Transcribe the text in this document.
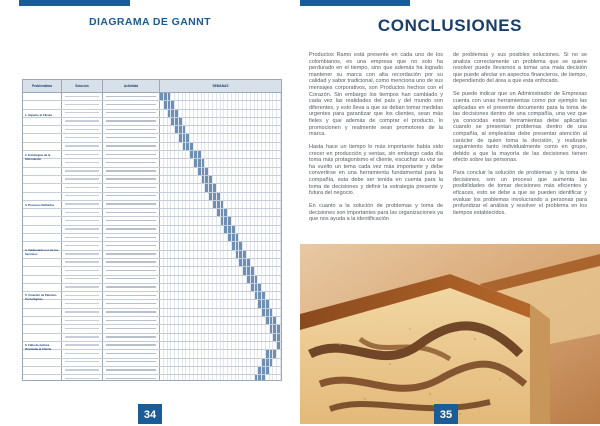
DIAGRAMA DE GANNT
Problemática	Solución	Actividad	SEMANAS
1. Impacto al Cliente
2. Estrategias de la Información
3. Procesos Definidos
4. Inadecuado uso de los Servicios
5. Creación de Patentes Tecnológicas
6. Falta de Cultura Orientada al Cliente
34
CONCLUSIONES

Productos Ramo está presente en cada uno de los colombianos, es una empresa que no solo ha perdurado en el tiempo, sino que además ha logrado mantener su marca con alta recordación por su calidad y sabor tradicional, como menciona uno de sus mensajes corporativos, son Productos hechos con el Corazón. Sin embargo los tiempos han cambiado y cada vez las realidades del país y del mundo son diferentes, y esto lleva a que se deban tomar medidas urgentes para garantizar que los clientes, sean más fieles y que además de comprar el producto, lo promocionen y realmente sean promotores de la marca.

Hasta hace un tiempo lo más importante había sido crecer en producción y ventas, sin embargo cada día toma más protagonismo el cliente, escuchar su voz se ha vuelto un tema cada vez más importante y debe convertirse en una herramienta fundamental para la compañía, esta debe ser tenida en cuenta para la toma de decisiones y definir la estrategia presente y futura del negocio.

En cuanto a la solución de problemas y toma de decisiones son importantes para las organizaciones ya que nos ayuda a la identificación

de problemas y sus posibles soluciones. Si no se analiza correctamente un problema que se quiere resolver puede llevarnos a tomar una mala decisión que puede afectar en aspectos financieros, de tiempo, dependiendo del área a que esta enfocado.

Se puede indicar que un Administrador de Empresas cuenta con unas herramientas como por ejemplo las aplicadas en el presente documento para la toma de las decisiones dentro de una compañía, una vez que ya conocidas estas herramientas debe aplicarlas cuando se presentan problemas dentro de una compañía, al empleárlas debe presentar atención al carácter de quien toma la decisión, y realizarle seguimiento tanto individualmente como en grupo, debido a que la mayoría de las decisiones tienen efecto sobre las personas.

Para concluir la solución de problemas y la toma de decisiones, son un proceso que aumenta las posibilidades de tomar decisiones más eficientes y eficaces, esto se debe a que se pueden identificar y evaluar los problemas involucrando a personas para profundizar el análisis y resolver el problema en los tiempos establecidos.

35
